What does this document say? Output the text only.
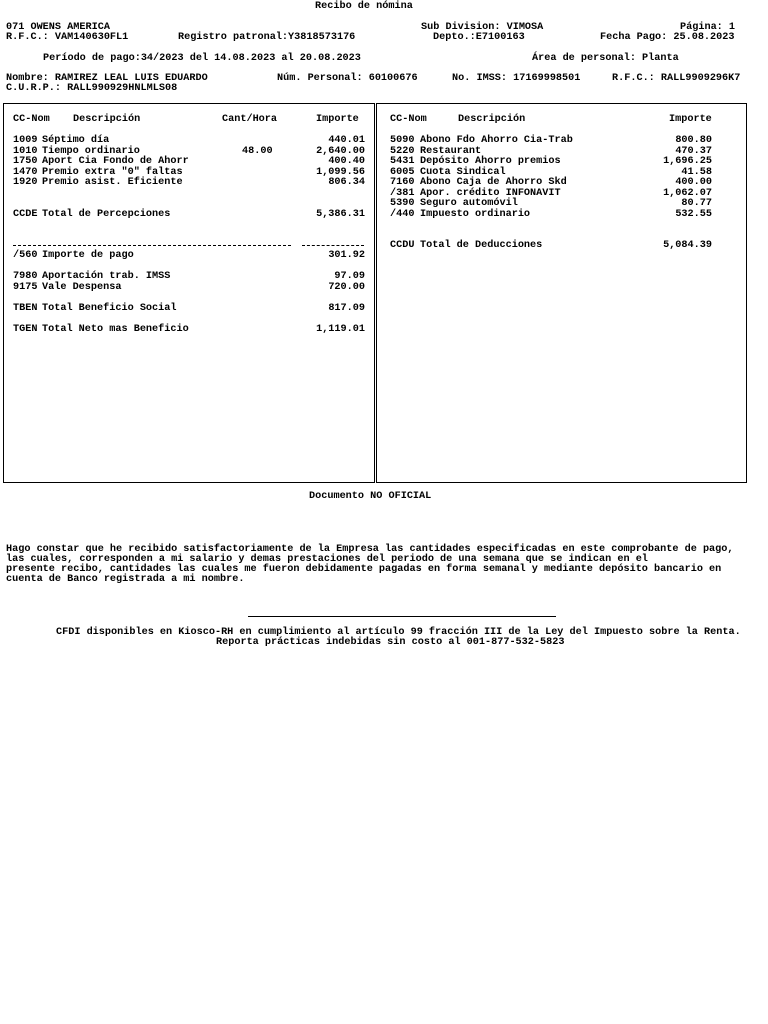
Recibo de nómina
071 OWENS AMERICA	Sub Division: VIMOSA	Página: 1
R.F.C.: VAM140630FL1	Registro patronal:Y3818573176	Depto.:E7100163	Fecha Pago: 25.08.2023
Período de pago:34/2023 del 14.08.2023 al 20.08.2023	Área de personal: Planta
Nombre: RAMIREZ LEAL LUIS EDUARDO	Núm. Personal: 60100676	No. IMSS: 17169998501	R.F.C.: RALL9909296K7
C.U.R.P.: RALL990929HNLMLS08
CC-Nom Descripción	Cant/Hora	Importe
1009 Séptimo día	440.01
1010 Tiempo ordinario	48.00	2,640.00
1750 Aport Cia Fondo de Ahorr	400.40
1470 Premio extra "0" faltas	1,099.56
1920 Premio asist. Eficiente	806.34
CCDE Total de Percepciones	5,386.31
/560 Importe de pago	301.92
7980 Aportación trab. IMSS	97.09
9175 Vale Despensa	720.00
TBEN Total Beneficio Social	817.09
TGEN Total Neto mas Beneficio	1,119.01
CC-Nom	Descripción	Importe
5090 Abono Fdo Ahorro Cia-Trab	800.80
5220 Restaurant	470.37
5431 Depósito Ahorro premios	1,696.25
6005 Cuota Sindical	41.58
7160 Abono Caja de Ahorro Skd	400.00
/381 Apor. crédito INFONAVIT	1,062.07
5390 Seguro automóvil	80.77
/440 Impuesto ordinario	532.55
CCDU Total de Deducciones	5,084.39
Documento NO OFICIAL
Hago constar que he recibido satisfactoriamente de la Empresa las cantidades especificadas en este comprobante de pago,
las cuales, corresponden a mi salario y demas prestaciones del periodo de una semana que se indican en el
presente recibo, cantidades las cuales me fueron debidamente pagadas en forma semanal y mediante depósito bancario en
cuenta de Banco registrada a mi nombre.
CFDI disponibles en Kiosco-RH en cumplimiento al artículo 99 fracción III de la Ley del Impuesto sobre la Renta.
Reporta prácticas indebidas sin costo al 001-877-532-5823
